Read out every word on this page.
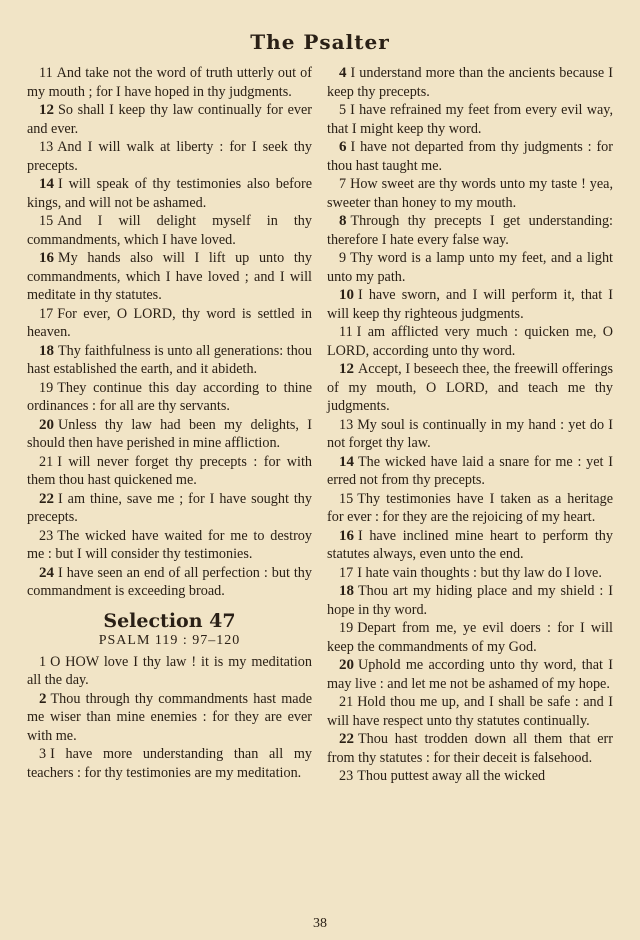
The Psalter

11 And take not the word of truth utterly out of my mouth ; for I have hoped in thy judgments.

12 So shall I keep thy law continually for ever and ever.

13 And I will walk at liberty : for I seek thy precepts.

14 I will speak of thy testimonies also before kings, and will not be ashamed.

15 And I will delight myself in thy commandments, which I have loved.

16 My hands also will I lift up unto thy commandments, which I have loved ; and I will meditate in thy statutes.

17 For ever, O LORD, thy word is settled in heaven.

18 Thy faithfulness is unto all generations: thou hast established the earth, and it abideth.

19 They continue this day according to thine ordinances : for all are thy servants.

20 Unless thy law had been my delights, I should then have perished in mine affliction.

21 I will never forget thy precepts : for with them thou hast quickened me.

22 I am thine, save me ; for I have sought thy precepts.

23 The wicked have waited for me to destroy me : but I will consider thy testimonies.

24 I have seen an end of all perfection : but thy commandment is exceeding broad.

Selection 47
PSALM 119 : 97–120

1 O HOW love I thy law ! it is my meditation all the day.

2 Thou through thy commandments hast made me wiser than mine enemies : for they are ever with me.

3 I have more understanding than all my teachers : for thy testimonies are my meditation.

4 I understand more than the ancients because I keep thy precepts.

5 I have refrained my feet from every evil way, that I might keep thy word.

6 I have not departed from thy judgments : for thou hast taught me.

7 How sweet are thy words unto my taste ! yea, sweeter than honey to my mouth.

8 Through thy precepts I get understanding: therefore I hate every false way.

9 Thy word is a lamp unto my feet, and a light unto my path.

10 I have sworn, and I will perform it, that I will keep thy righteous judgments.

11 I am afflicted very much : quicken me, O LORD, according unto thy word.

12 Accept, I beseech thee, the freewill offerings of my mouth, O LORD, and teach me thy judgments.

13 My soul is continually in my hand : yet do I not forget thy law.

14 The wicked have laid a snare for me : yet I erred not from thy precepts.

15 Thy testimonies have I taken as a heritage for ever : for they are the rejoicing of my heart.

16 I have inclined mine heart to perform thy statutes always, even unto the end.

17 I hate vain thoughts : but thy law do I love.

18 Thou art my hiding place and my shield : I hope in thy word.

19 Depart from me, ye evil doers : for I will keep the commandments of my God.

20 Uphold me according unto thy word, that I may live : and let me not be ashamed of my hope.

21 Hold thou me up, and I shall be safe : and I will have respect unto thy statutes continually.

22 Thou hast trodden down all them that err from thy statutes : for their deceit is falsehood.

23 Thou puttest away all the wicked

38
